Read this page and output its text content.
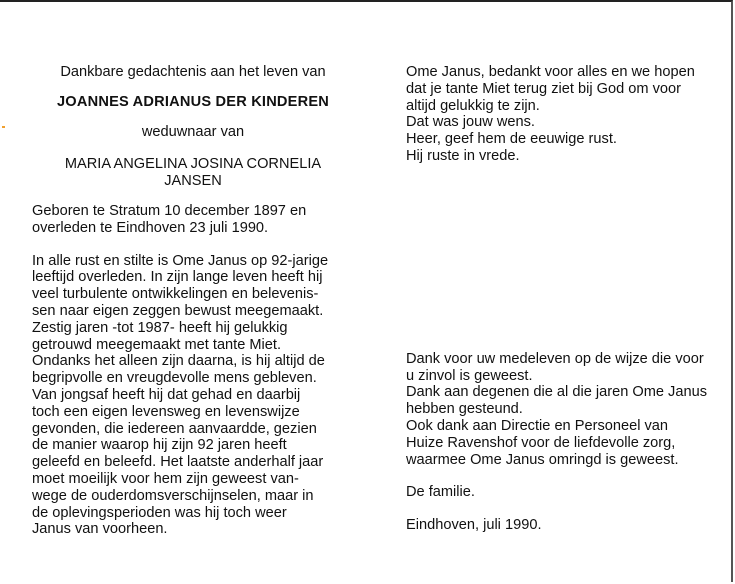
Dankbare gedachtenis aan het leven van

JOANNES ADRIANUS DER KINDEREN

weduwnaar van

MARIA ANGELINA JOSINA CORNELIA

JANSEN

Geboren te Stratum 10 december 1897 en

overleden te Eindhoven 23 juli 1990.

In alle rust en stilte is Ome Janus op 92-jarige

leeftijd overleden. In zijn lange leven heeft hij

veel turbulente ontwikkelingen en belevenis-

sen naar eigen zeggen bewust meegemaakt.

Zestig jaren -tot 1987- heeft hij gelukkig

getrouwd meegemaakt met tante Miet.

Ondanks het alleen zijn daarna, is hij altijd de

begripvolle en vreugdevolle mens gebleven.

Van jongsaf heeft hij dat gehad en daarbij

toch een eigen levensweg en levenswijze

gevonden, die iedereen aanvaardde, gezien

de manier waarop hij zijn 92 jaren heeft

geleefd en beleefd. Het laatste anderhalf jaar

moet moeilijk voor hem zijn geweest van-

wege de ouderdomsverschijnselen, maar in

de oplevingsperioden was hij toch weer

Janus van voorheen.

Ome Janus, bedankt voor alles en we hopen

dat je tante Miet terug ziet bij God om voor

altijd gelukkig te zijn.

Dat was jouw wens.

Heer, geef hem de eeuwige rust.

Hij ruste in vrede.

Dank voor uw medeleven op de wijze die voor

u zinvol is geweest.

Dank aan degenen die al die jaren Ome Janus

hebben gesteund.

Ook dank aan Directie en Personeel van

Huize Ravenshof voor de liefdevolle zorg,

waarmee Ome Janus omringd is geweest.

De familie.

Eindhoven, juli 1990.
